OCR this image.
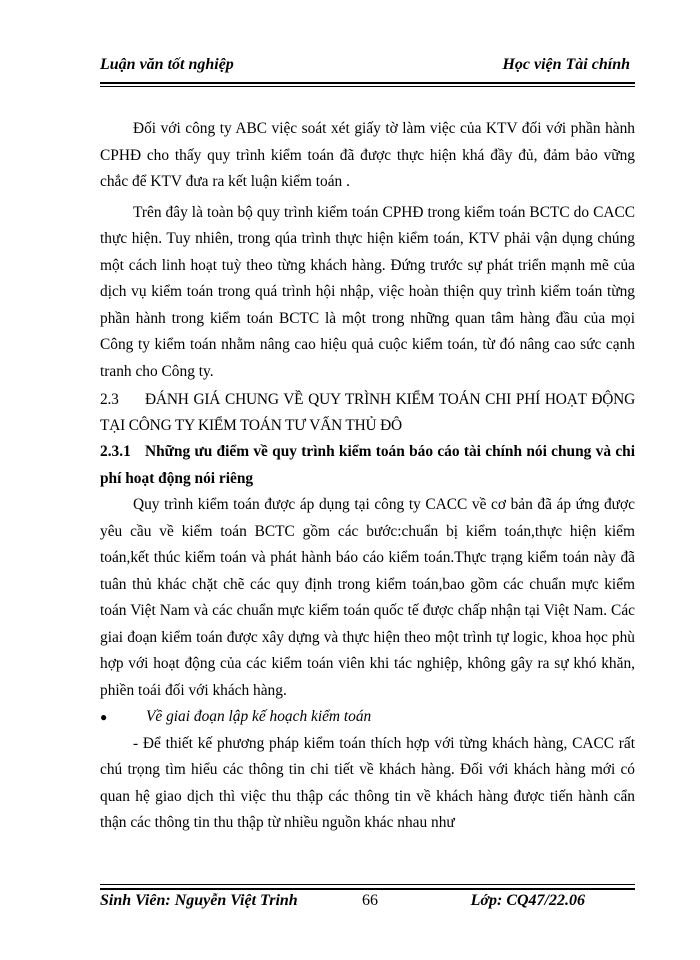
Luận văn tốt nghiệp	Học viện Tài chính

Đối với công ty ABC việc soát xét giấy tờ làm việc của KTV đối với phần hành CPHĐ cho thấy quy trình kiểm toán đã được thực hiện khá đầy đủ, đảm bảo vững chắc để KTV đưa ra kết luận kiểm toán .

Trên đây là toàn bộ quy trình kiểm toán CPHĐ trong kiểm toán BCTC do CACC thực hiện. Tuy nhiên, trong qúa trình thực hiện kiểm toán, KTV phải vận dụng chúng một cách linh hoạt tuỳ theo từng khách hàng. Đứng trước sự phát triển mạnh mẽ của dịch vụ kiểm toán trong quá trình hội nhập, việc hoàn thiện quy trình kiểm toán từng phần hành trong kiểm toán BCTC là một trong những quan tâm hàng đầu của mọi Công ty kiểm toán nhằm nâng cao hiệu quả cuộc kiểm toán, từ đó nâng cao sức cạnh tranh cho Công ty.

2.3 ĐÁNH GIÁ CHUNG VỀ QUY TRÌNH KIỂM TOÁN CHI PHÍ HOẠT ĐỘNG TẠI CÔNG TY KIỂM TOÁN TƯ VẤN THỦ ĐÔ

2.3.1 Những ưu điểm về quy trình kiểm toán báo cáo tài chính nói chung và chi phí hoạt động nói riêng

Quy trình kiểm toán được áp dụng tại công ty CACC về cơ bản đã áp ứng được yêu cầu về kiểm toán BCTC gồm các bước:chuẩn bị kiểm toán,thực hiện kiểm toán,kết thúc kiểm toán và phát hành báo cáo kiểm toán.Thực trạng kiểm toán này đã tuân thủ khác chặt chẽ các quy định trong kiểm toán,bao gồm các chuẩn mực kiểm toán Việt Nam và các chuẩn mực kiểm toán quốc tế được chấp nhận tại Việt Nam. Các giai đoạn kiểm toán được xây dựng và thực hiện theo một trình tự logic, khoa học phù hợp với hoạt động của các kiểm toán viên khi tác nghiệp, không gây ra sự khó khăn, phiền toái đối với khách hàng.

●	Về giai đoạn lập kế hoạch kiểm toán

- Để thiết kế phương pháp kiểm toán thích hợp với từng khách hàng, CACC rất chú trọng tìm hiểu các thông tin chi tiết về khách hàng. Đối với khách hàng mới có quan hệ giao dịch thì việc thu thập các thông tin về khách hàng được tiến hành cẩn thận các thông tin thu thập từ nhiều nguồn khác nhau như

Sinh Viên: Nguyễn Việt Trinh	66	Lớp: CQ47/22.06
